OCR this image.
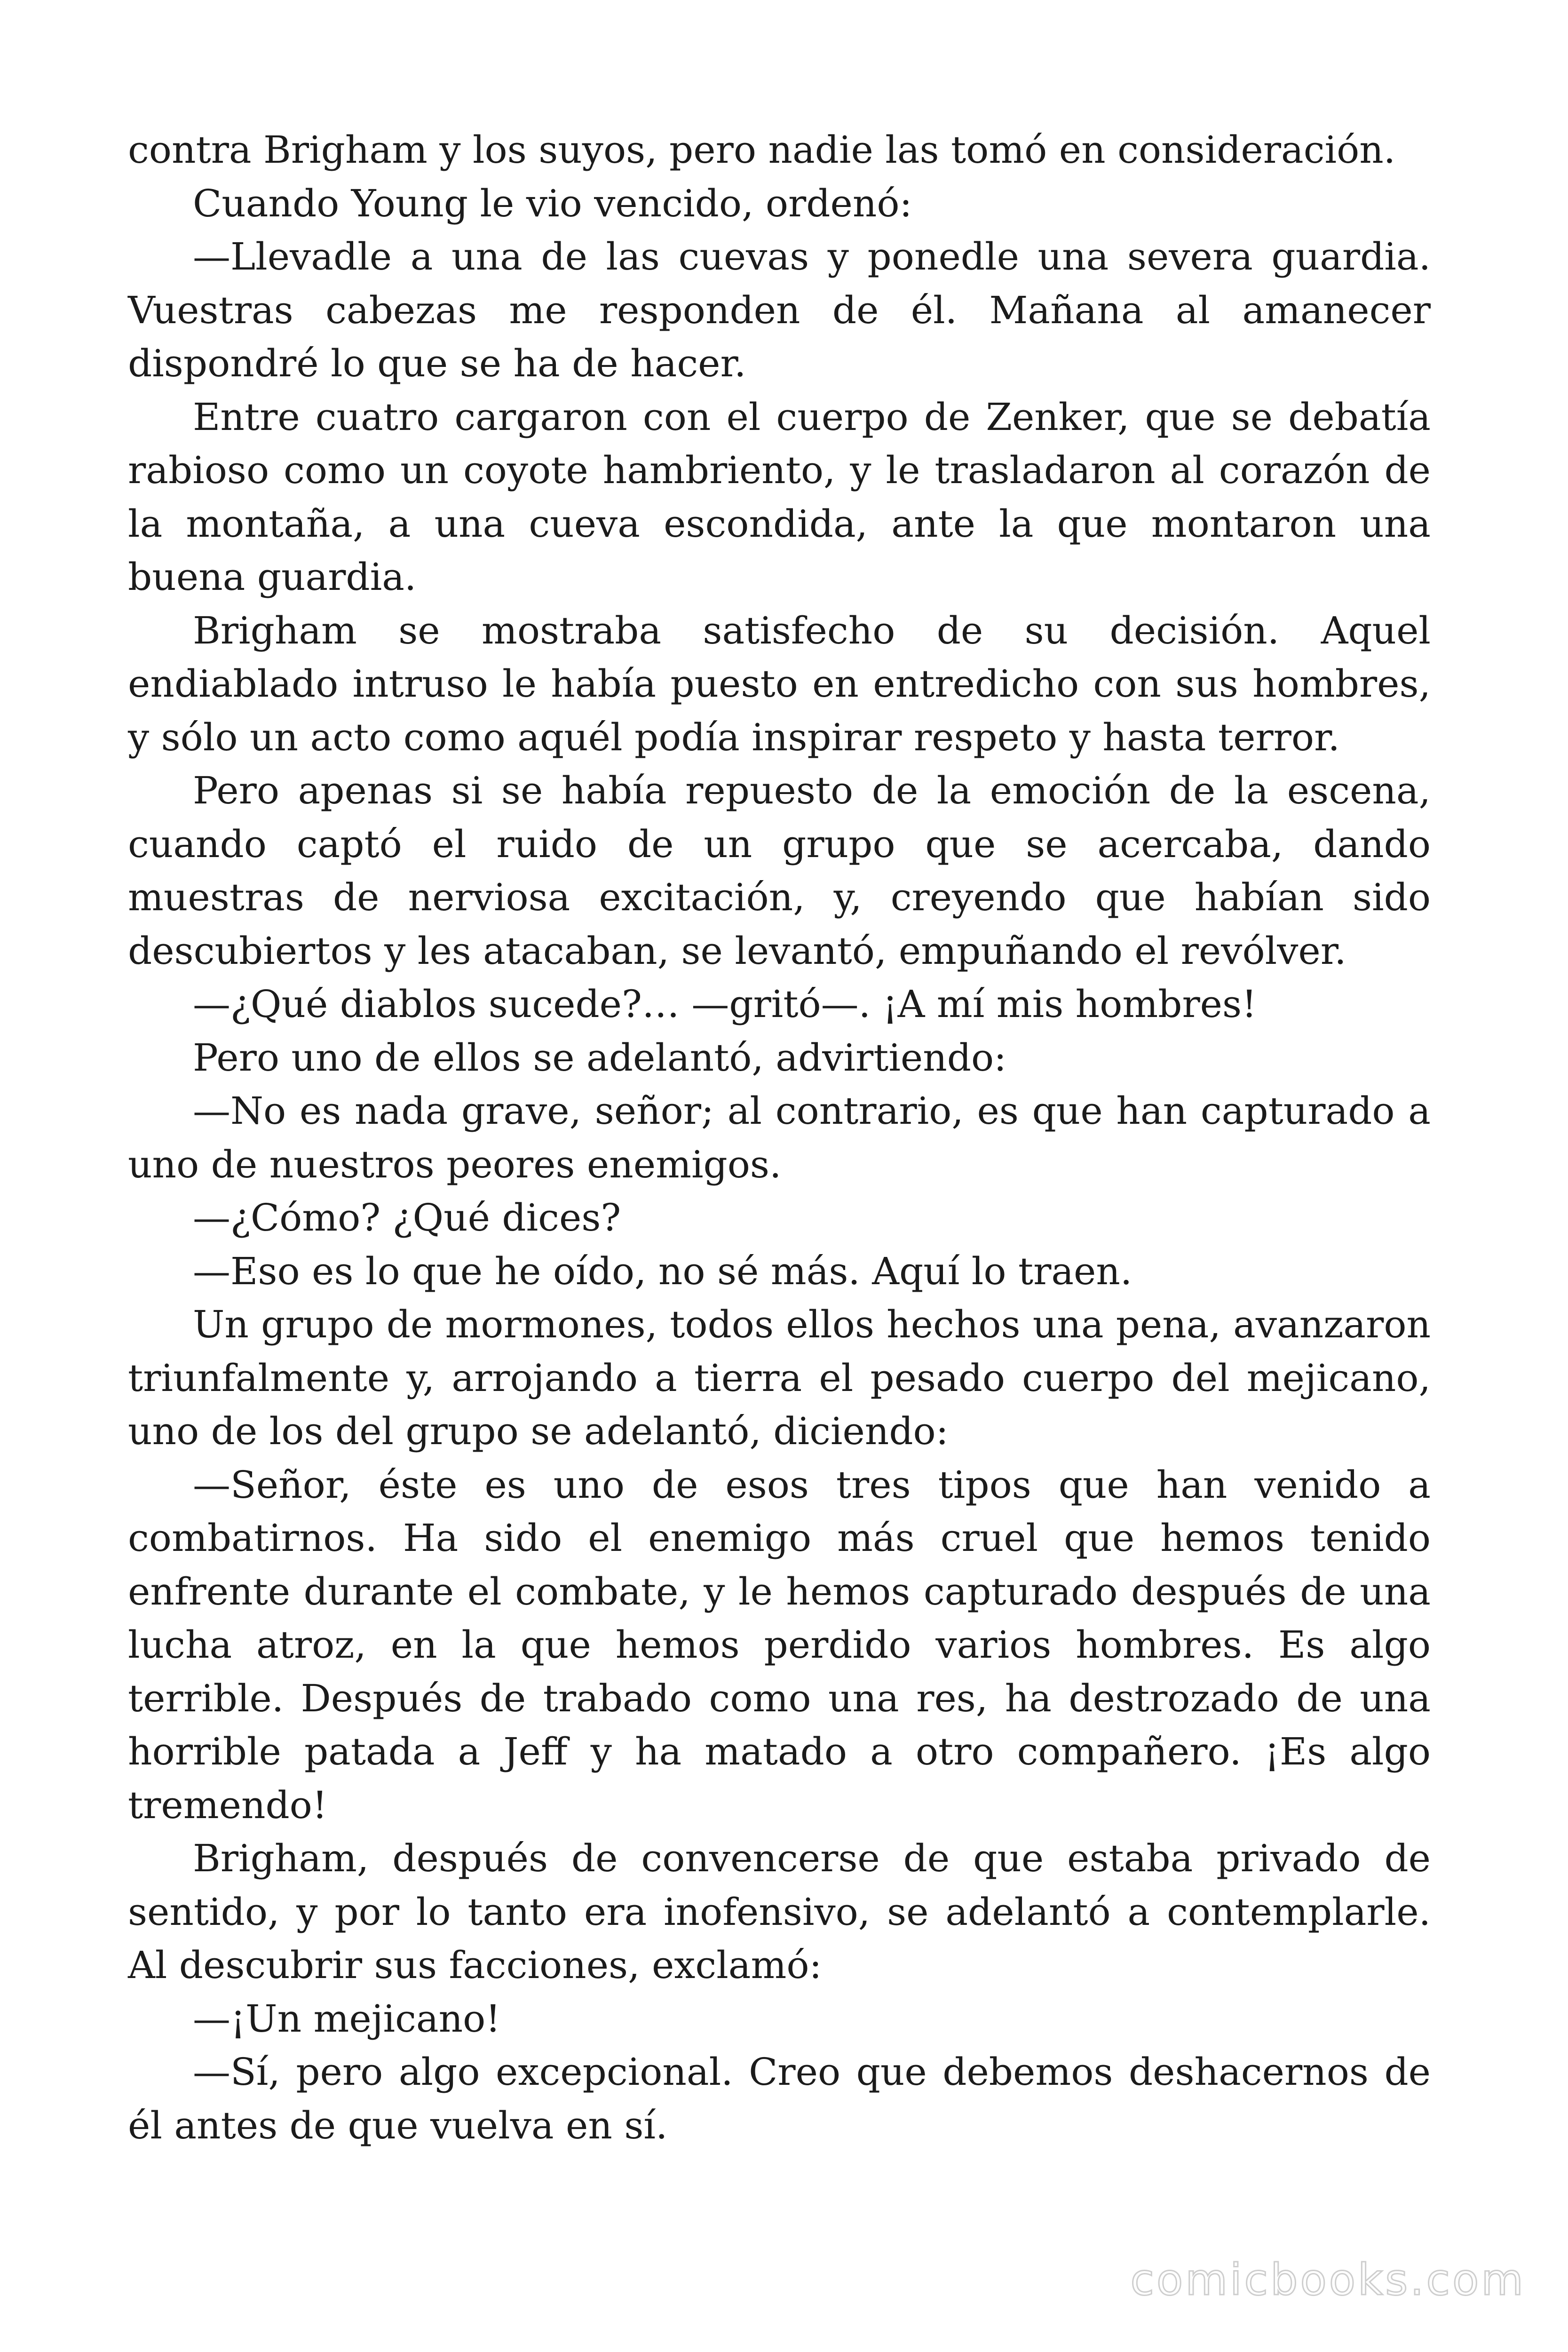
contra Brigham y los suyos, pero nadie las tomó en consideración.

Cuando Young le vio vencido, ordenó:

—Llevadle a una de las cuevas y ponedle una severa guardia. Vuestras cabezas me responden de él. Mañana al amanecer dispondré lo que se ha de hacer.

Entre cuatro cargaron con el cuerpo de Zenker, que se debatía rabioso como un coyote hambriento, y le trasladaron al corazón de la montaña, a una cueva escondida, ante la que montaron una buena guardia.

Brigham se mostraba satisfecho de su decisión. Aquel endiablado intruso le había puesto en entredicho con sus hombres, y sólo un acto como aquél podía inspirar respeto y hasta terror.

Pero apenas si se había repuesto de la emoción de la escena, cuando captó el ruido de un grupo que se acercaba, dando muestras de nerviosa excitación, y, creyendo que habían sido descubiertos y les atacaban, se levantó, empuñando el revólver.

—¿Qué diablos sucede?… —gritó—. ¡A mí mis hombres!

Pero uno de ellos se adelantó, advirtiendo:

—No es nada grave, señor; al contrario, es que han capturado a uno de nuestros peores enemigos.

—¿Cómo? ¿Qué dices?

—Eso es lo que he oído, no sé más. Aquí lo traen.

Un grupo de mormones, todos ellos hechos una pena, avanzaron triunfalmente y, arrojando a tierra el pesado cuerpo del mejicano, uno de los del grupo se adelantó, diciendo:

—Señor, éste es uno de esos tres tipos que han venido a combatirnos. Ha sido el enemigo más cruel que hemos tenido enfrente durante el combate, y le hemos capturado después de una lucha atroz, en la que hemos perdido varios hombres. Es algo terrible. Después de trabado como una res, ha destrozado de una horrible patada a Jeff y ha matado a otro compañero. ¡Es algo tremendo!

Brigham, después de convencerse de que estaba privado de sentido, y por lo tanto era inofensivo, se adelantó a contemplarle. Al descubrir sus facciones, exclamó:

—¡Un mejicano!

—Sí, pero algo excepcional. Creo que debemos deshacernos de él antes de que vuelva en sí.

comicbooks.com
